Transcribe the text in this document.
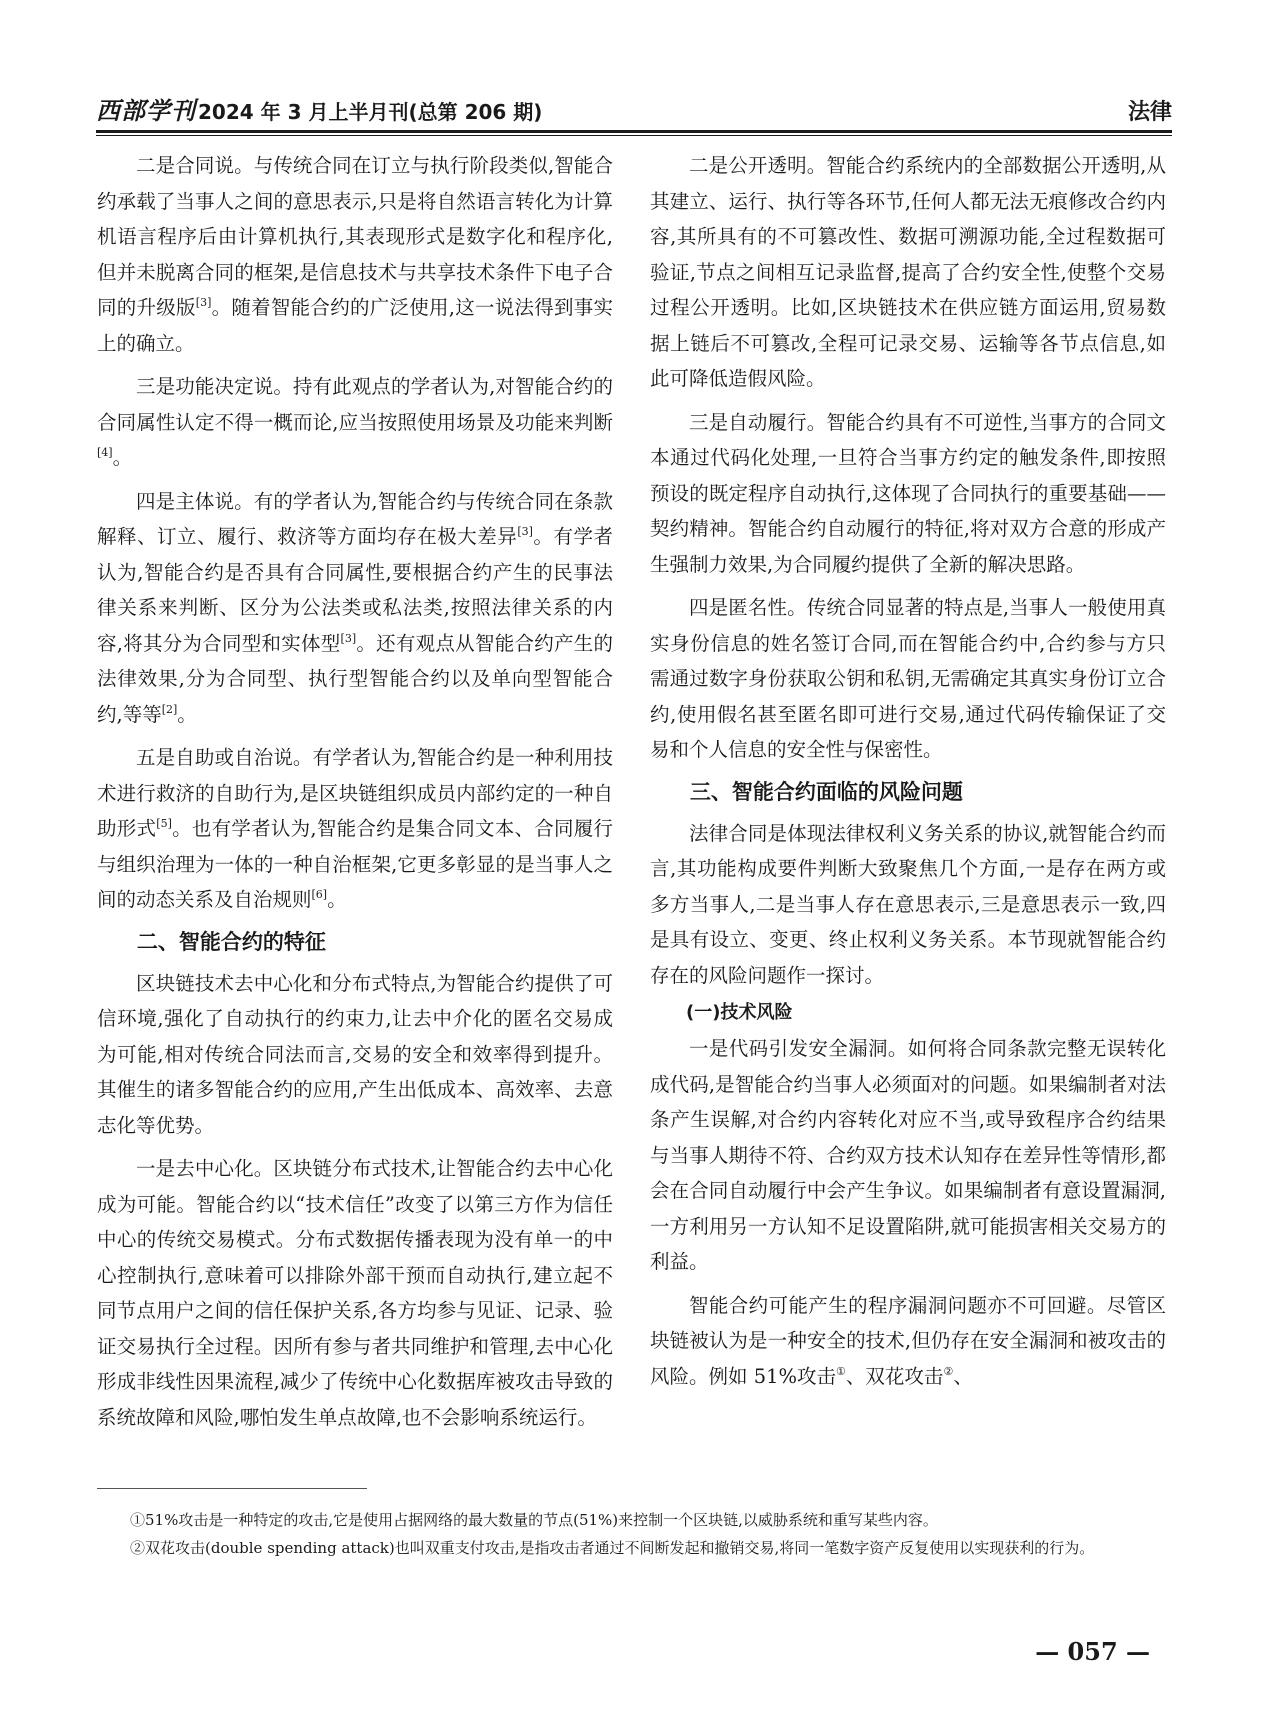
西部学刊 2024 年 3 月上半月刊(总第 206 期)	法律

二是合同说。与传统合同在订立与执行阶段类似,智能合约承载了当事人之间的意思表示,只是将自然语言转化为计算机语言程序后由计算机执行,其表现形式是数字化和程序化,但并未脱离合同的框架,是信息技术与共享技术条件下电子合同的升级版[3]。随着智能合约的广泛使用,这一说法得到事实上的确立。

三是功能决定说。持有此观点的学者认为,对智能合约的合同属性认定不得一概而论,应当按照使用场景及功能来判断[4]。

四是主体说。有的学者认为,智能合约与传统合同在条款解释、订立、履行、救济等方面均存在极大差异[3]。有学者认为,智能合约是否具有合同属性,要根据合约产生的民事法律关系来判断、区分为公法类或私法类,按照法律关系的内容,将其分为合同型和实体型[3]。还有观点从智能合约产生的法律效果,分为合同型、执行型智能合约以及单向型智能合约,等等[2]。

五是自助或自治说。有学者认为,智能合约是一种利用技术进行救济的自助行为,是区块链组织成员内部约定的一种自助形式[5]。也有学者认为,智能合约是集合同文本、合同履行与组织治理为一体的一种自治框架,它更多彰显的是当事人之间的动态关系及自治规则[6]。

二、智能合约的特征

区块链技术去中心化和分布式特点,为智能合约提供了可信环境,强化了自动执行的约束力,让去中介化的匿名交易成为可能,相对传统合同法而言,交易的安全和效率得到提升。其催生的诸多智能合约的应用,产生出低成本、高效率、去意志化等优势。

一是去中心化。区块链分布式技术,让智能合约去中心化成为可能。智能合约以“技术信任”改变了以第三方作为信任中心的传统交易模式。分布式数据传播表现为没有单一的中心控制执行,意味着可以排除外部干预而自动执行,建立起不同节点用户之间的信任保护关系,各方均参与见证、记录、验证交易执行全过程。因所有参与者共同维护和管理,去中心化形成非线性因果流程,减少了传统中心化数据库被攻击导致的系统故障和风险,哪怕发生单点故障,也不会影响系统运行。

二是公开透明。智能合约系统内的全部数据公开透明,从其建立、运行、执行等各环节,任何人都无法无痕修改合约内容,其所具有的不可篡改性、数据可溯源功能,全过程数据可验证,节点之间相互记录监督,提高了合约安全性,使整个交易过程公开透明。比如,区块链技术在供应链方面运用,贸易数据上链后不可篡改,全程可记录交易、运输等各节点信息,如此可降低造假风险。

三是自动履行。智能合约具有不可逆性,当事方的合同文本通过代码化处理,一旦符合当事方约定的触发条件,即按照预设的既定程序自动执行,这体现了合同执行的重要基础——契约精神。智能合约自动履行的特征,将对双方合意的形成产生强制力效果,为合同履约提供了全新的解决思路。

四是匿名性。传统合同显著的特点是,当事人一般使用真实身份信息的姓名签订合同,而在智能合约中,合约参与方只需通过数字身份获取公钥和私钥,无需确定其真实身份订立合约,使用假名甚至匿名即可进行交易,通过代码传输保证了交易和个人信息的安全性与保密性。

三、智能合约面临的风险问题

法律合同是体现法律权利义务关系的协议,就智能合约而言,其功能构成要件判断大致聚焦几个方面,一是存在两方或多方当事人,二是当事人存在意思表示,三是意思表示一致,四是具有设立、变更、终止权利义务关系。本节现就智能合约存在的风险问题作一探讨。

(一)技术风险

一是代码引发安全漏洞。如何将合同条款完整无误转化成代码,是智能合约当事人必须面对的问题。如果编制者对法条产生误解,对合约内容转化对应不当,或导致程序合约结果与当事人期待不符、合约双方技术认知存在差异性等情形,都会在合同自动履行中会产生争议。如果编制者有意设置漏洞,一方利用另一方认知不足设置陷阱,就可能损害相关交易方的利益。

智能合约可能产生的程序漏洞问题亦不可回避。尽管区块链被认为是一种安全的技术,但仍存在安全漏洞和被攻击的风险。例如 51%攻击①、双花攻击②、

①51%攻击是一种特定的攻击,它是使用占据网络的最大数量的节点(51%)来控制一个区块链,以威胁系统和重写某些内容。

②双花攻击(double spending attack)也叫双重支付攻击,是指攻击者通过不间断发起和撤销交易,将同一笔数字资产反复使用以实现获利的行为。

— 057 —
